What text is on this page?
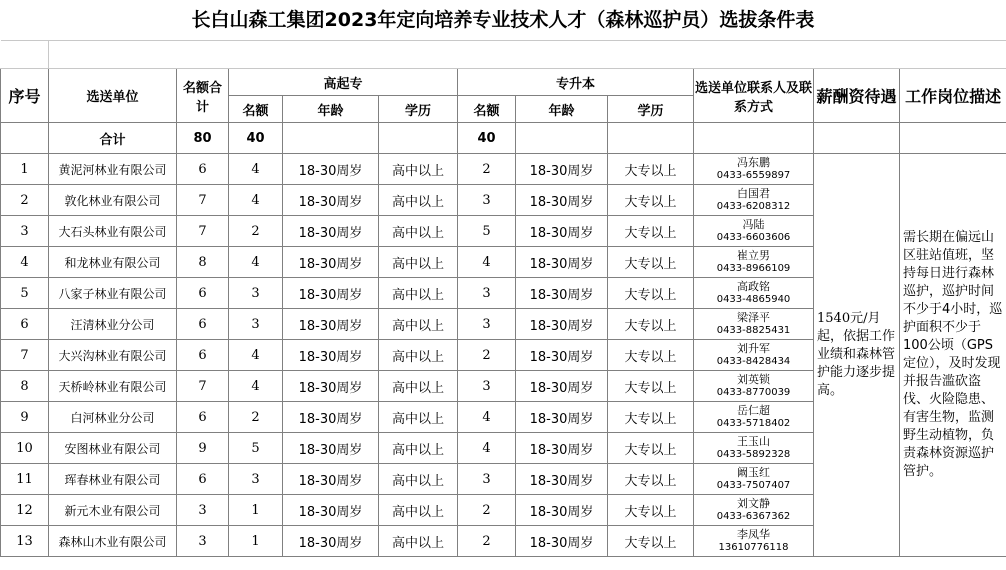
长白山森工集团2023年定向培养专业技术人才（森林巡护员）选拔条件表

序号	选送单位	名额合计	高起专			专升本			选送单位联系人及联系方式	薪酬资待遇	工作岗位描述
			名额	年龄	学历	名额	年龄	学历			
	合计	80	40			40					
1	黄泥河林业有限公司	6	4	18-30周岁	高中以上	2	18-30周岁	大专以上	冯东鹏
0433-6559897	1540元/月起，依据工作业绩和森林管护能力逐步提高。	需长期在偏远山区驻站值班，坚持每日进行森林巡护，巡护时间不少于4小时，巡护面积不少于100公顷（GPS定位），及时发现并报告滥砍盗伐、火险隐患、有害生物，监测野生动植物，负责森林资源巡护管护。
2	敦化林业有限公司	7	4	18-30周岁	高中以上	3	18-30周岁	大专以上	白国君
0433-6208312		

3	大石头林业有限公司	7	2	18-30周岁	高中以上	5	18-30周岁	大专以上	冯陆
0433-6603606		

4	和龙林业有限公司	8	4	18-30周岁	高中以上	4	18-30周岁	大专以上	崔立男
0433-8966109		

5	八家子林业有限公司	6	3	18-30周岁	高中以上	3	18-30周岁	大专以上	高政铭
0433-4865940		

6	汪清林业分公司	6	3	18-30周岁	高中以上	3	18-30周岁	大专以上	梁泽平
0433-8825431		

7	大兴沟林业有限公司	6	4	18-30周岁	高中以上	2	18-30周岁	大专以上	刘升军
0433-8428434		

8	天桥岭林业有限公司	7	4	18-30周岁	高中以上	3	18-30周岁	大专以上	刘英锁
0433-8770039		

9	白河林业分公司	6	2	18-30周岁	高中以上	4	18-30周岁	大专以上	岳仁超
0433-5718402		

10	安图林业有限公司	9	5	18-30周岁	高中以上	4	18-30周岁	大专以上	王玉山
0433-5892328		

11	珲春林业有限公司	6	3	18-30周岁	高中以上	3	18-30周岁	大专以上	阚玉红
0433-7507407		

12	新元木业有限公司	3	1	18-30周岁	高中以上	2	18-30周岁	大专以上	刘文静
0433-6367362		

13	森林山木业有限公司	3	1	18-30周岁	高中以上	2	18-30周岁	大专以上	李凤华
13610776118		
